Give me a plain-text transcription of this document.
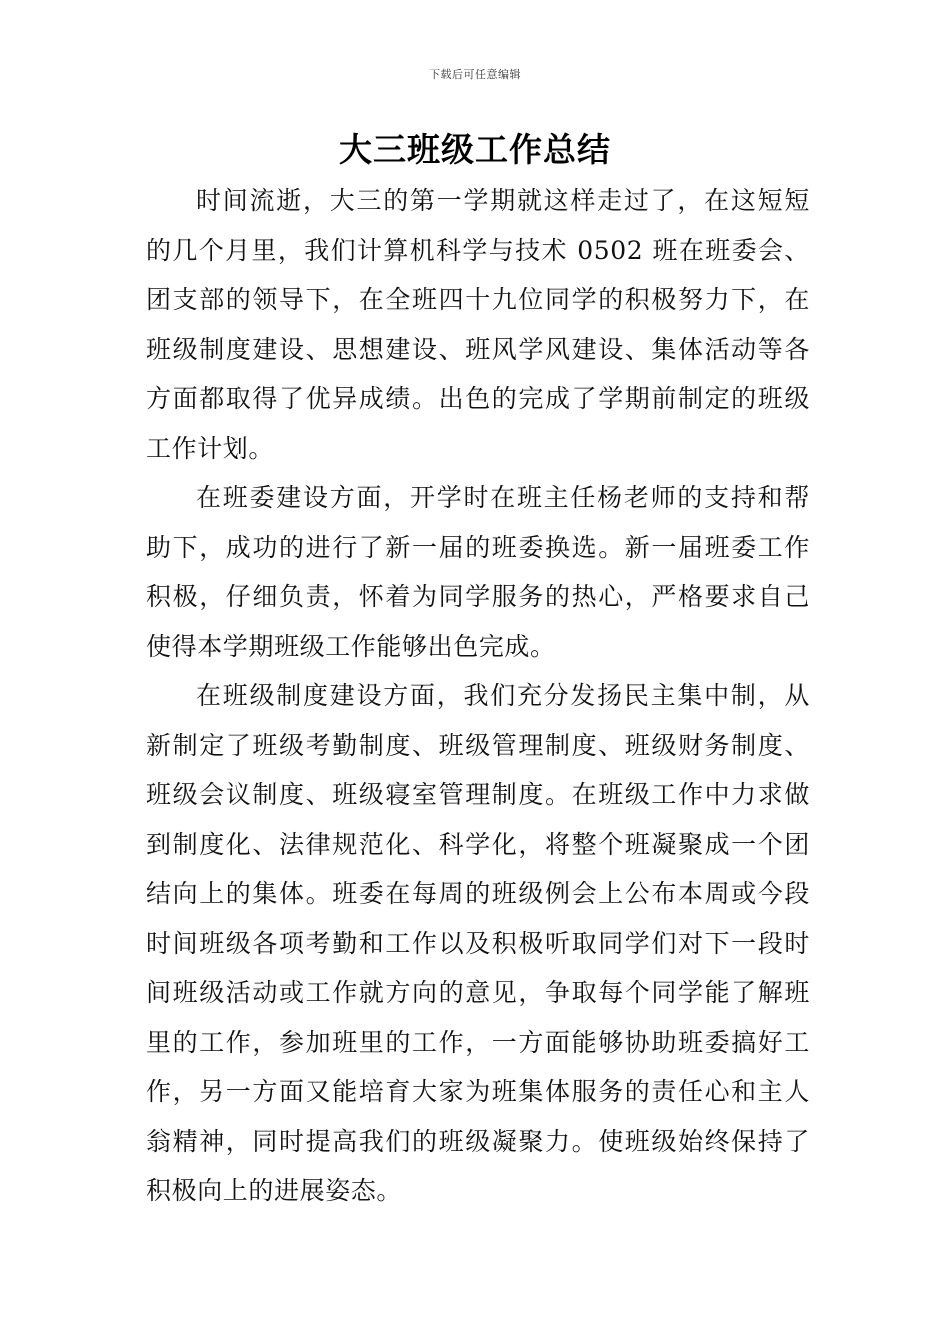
下载后可任意编辑
大三班级工作总结

时间流逝，大三的第一学期就这样走过了，在这短短的几个月里，我们计算机科学与技术 0502 班在班委会、团支部的领导下，在全班四十九位同学的积极努力下，在班级制度建设、思想建设、班风学风建设、集体活动等各方面都取得了优异成绩。出色的完成了学期前制定的班级工作计划。

在班委建设方面，开学时在班主任杨老师的支持和帮助下，成功的进行了新一届的班委换选。新一届班委工作积极，仔细负责，怀着为同学服务的热心，严格要求自己使得本学期班级工作能够出色完成。

在班级制度建设方面，我们充分发扬民主集中制，从新制定了班级考勤制度、班级管理制度、班级财务制度、班级会议制度、班级寝室管理制度。在班级工作中力求做到制度化、法律规范化、科学化，将整个班凝聚成一个团结向上的集体。班委在每周的班级例会上公布本周或今段时间班级各项考勤和工作以及积极听取同学们对下一段时间班级活动或工作就方向的意见，争取每个同学能了解班里的工作，参加班里的工作，一方面能够协助班委搞好工作，另一方面又能培育大家为班集体服务的责任心和主人翁精神，同时提高我们的班级凝聚力。使班级始终保持了积极向上的进展姿态。
